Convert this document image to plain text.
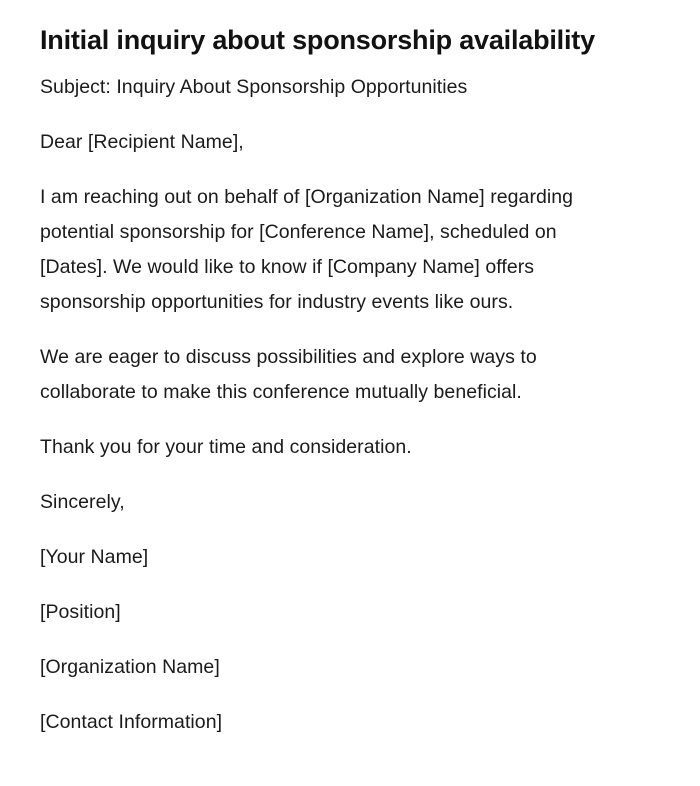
Initial inquiry about sponsorship availability

Subject: Inquiry About Sponsorship Opportunities

Dear [Recipient Name],

I am reaching out on behalf of [Organization Name] regarding potential sponsorship for [Conference Name], scheduled on [Dates]. We would like to know if [Company Name] offers sponsorship opportunities for industry events like ours.

We are eager to discuss possibilities and explore ways to collaborate to make this conference mutually beneficial.

Thank you for your time and consideration.

Sincerely,

[Your Name]

[Position]

[Organization Name]

[Contact Information]
